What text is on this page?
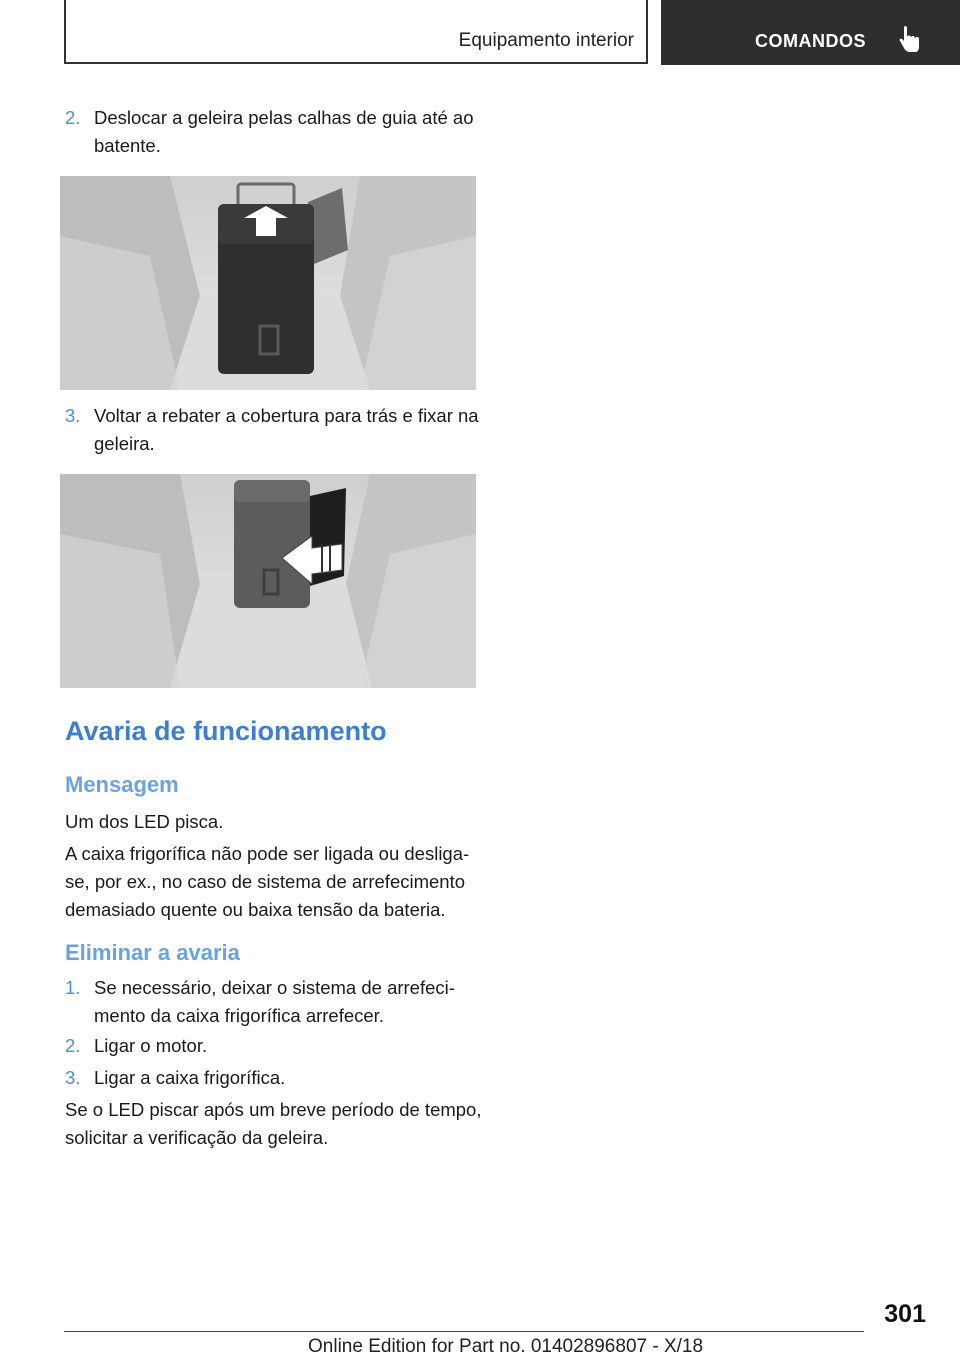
Equipamento interior	COMANDOS
2. Deslocar a geleira pelas calhas de guia até ao batente.
3. Voltar a rebater a cobertura para trás e fixar na geleira.
Avaria de funcionamento
Mensagem
Um dos LED pisca.
A caixa frigorífica não pode ser ligada ou desliga-se, por ex., no caso de sistema de arrefecimento demasiado quente ou baixa tensão da bateria.
Eliminar a avaria
1. Se necessário, deixar o sistema de arrefecimento da caixa frigorífica arrefecer.
2. Ligar o motor.
3. Ligar a caixa frigorífica.
Se o LED piscar após um breve período de tempo, solicitar a verificação da geleira.
301
Online Edition for Part no. 01402896807 - X/18
